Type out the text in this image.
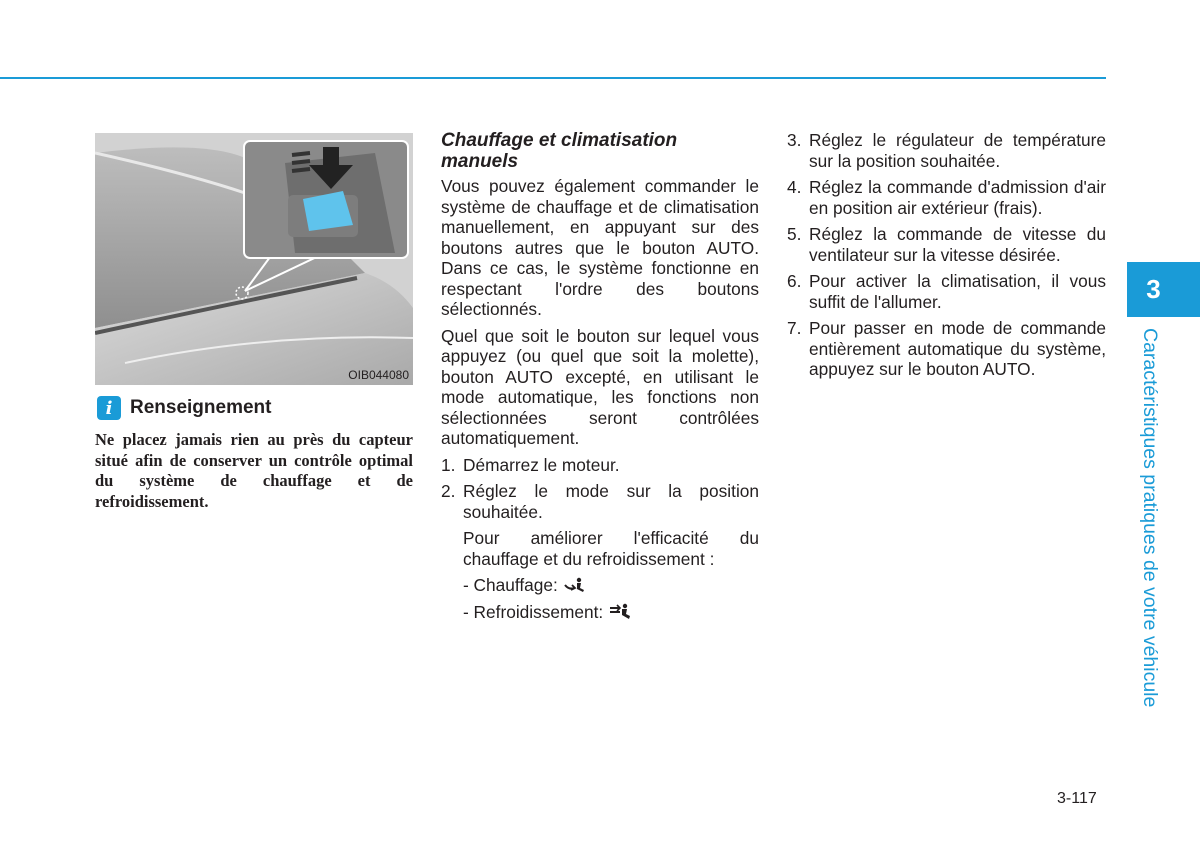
OIB044080
i Renseignement

Ne placez jamais rien au près du capteur situé afin de conserver un contrôle optimal du système de chauffage et de refroidissement.

Chauffage et climatisation manuels

Vous pouvez également commander le système de chauffage et de climatisation manuellement, en appuyant sur des boutons autres que le bouton AUTO. Dans ce cas, le système fonctionne en respectant l'ordre des boutons sélectionnés.

Quel que soit le bouton sur lequel vous appuyez (ou quel que soit la molette), bouton AUTO excepté, en utilisant le mode automatique, les fonctions non sélectionnées seront contrôlées automatiquement.

1. Démarrez le moteur.
2. Réglez le mode sur la position souhaitée.
Pour améliorer l'efficacité du chauffage et du refroidissement :
- Chauffage:
- Refroidissement:
3. Réglez le régulateur de température sur la position souhaitée.
4. Réglez la commande d'admission d'air en position air extérieur (frais).
5. Réglez la commande de vitesse du ventilateur sur la vitesse désirée.
6. Pour activer la climatisation, il vous suffit de l'allumer.
7. Pour passer en mode de commande entièrement automatique du système, appuyez sur le bouton AUTO.
3
Caractéristiques pratiques de votre véhicule
3-117
